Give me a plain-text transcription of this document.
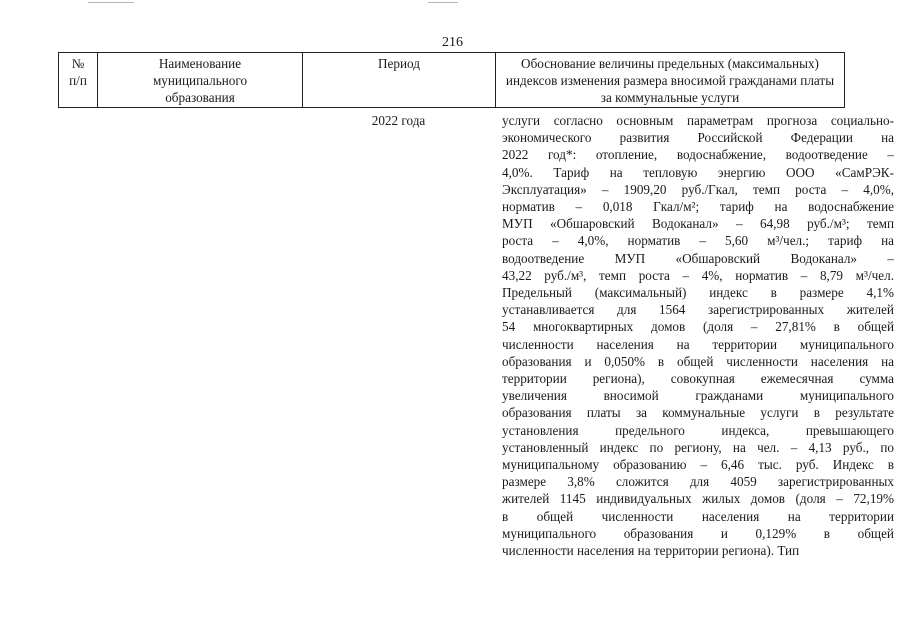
216
№
п/п
Наименование
муниципального
образования
Период	Обоснование величины предельных (максимальных)
индексов изменения размера вносимой гражданами платы
за коммунальные услуги
2022 года	услуги согласно основным параметрам прогноза социально-
экономического развития Российской Федерации на
2022 год*: отопление, водоснабжение, водоотведение –
4,0%. Тариф на тепловую энергию ООО «СамРЭК-
Эксплуатация» – 1909,20 руб./Гкал, темп роста – 4,0%,
норматив – 0,018 Гкал/м²; тариф на водоснабжение
МУП «Обшаровский Водоканал» – 64,98 руб./м³; темп
роста – 4,0%, норматив – 5,60 м³/чел.; тариф на
водоотведение МУП «Обшаровский Водоканал» –
43,22 руб./м³, темп роста – 4%, норматив – 8,79 м³/чел.
Предельный (максимальный) индекс в размере 4,1%
устанавливается для 1564 зарегистрированных жителей
54 многоквартирных домов (доля – 27,81% в общей
численности населения на территории муниципального
образования и 0,050% в общей численности населения на
территории региона), совокупная ежемесячная сумма
увеличения вносимой гражданами муниципального
образования платы за коммунальные услуги в результате
установления предельного индекса, превышающего
установленный индекс по региону, на чел. – 4,13 руб., по
муниципальному образованию – 6,46 тыс. руб. Индекс в
размере 3,8% сложится для 4059 зарегистрированных
жителей 1145 индивидуальных жилых домов (доля – 72,19%
в общей численности населения на территории
муниципального образования и 0,129% в общей
численности населения на территории региона). Тип
